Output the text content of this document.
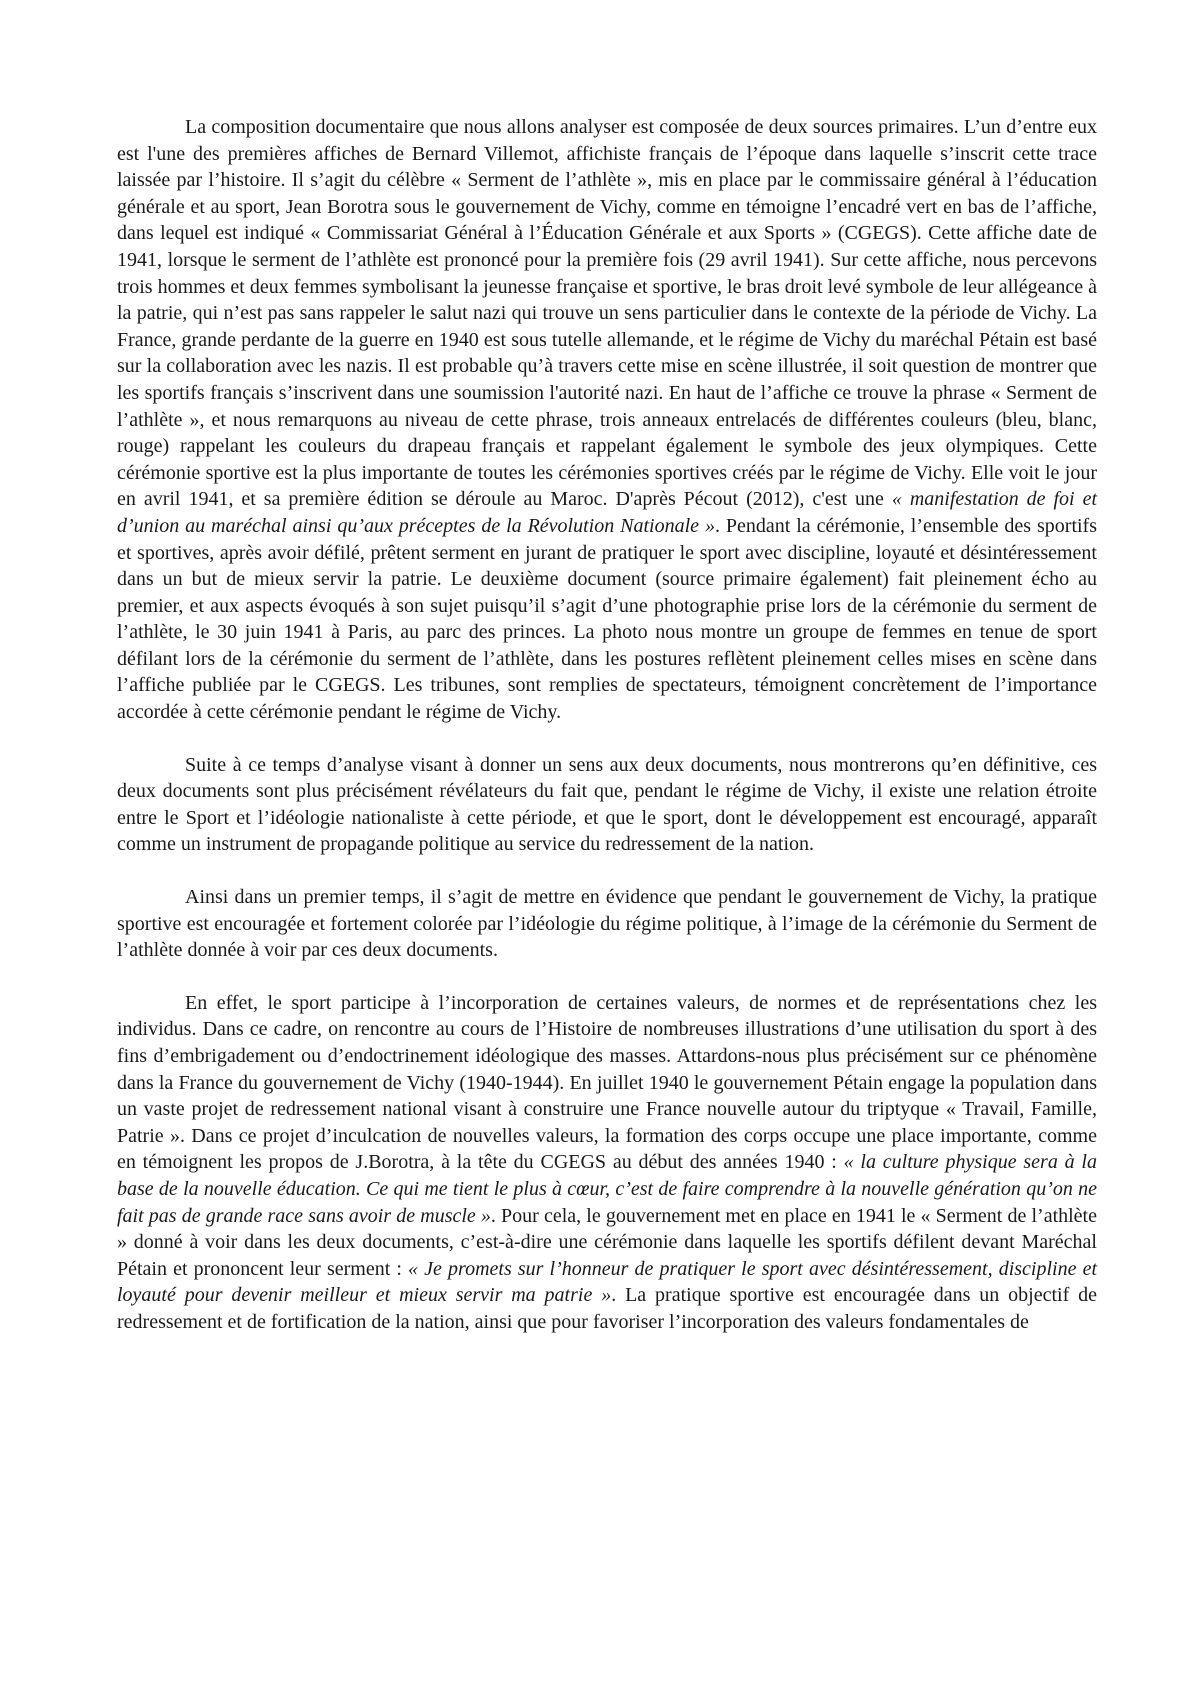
La composition documentaire que nous allons analyser est composée de deux sources primaires. L’un d’entre eux est l'une des premières affiches de Bernard Villemot, affichiste français de l’époque dans laquelle s’inscrit cette trace laissée par l’histoire. Il s’agit du célèbre « Serment de l’athlète », mis en place par le commissaire général à l’éducation générale et au sport, Jean Borotra sous le gouvernement de Vichy, comme en témoigne l’encadré vert en bas de l’affiche, dans lequel est indiqué « Commissariat Général à l’Éducation Générale et aux Sports » (CGEGS). Cette affiche date de 1941, lorsque le serment de l’athlète est prononcé pour la première fois (29 avril 1941). Sur cette affiche, nous percevons trois hommes et deux femmes symbolisant la jeunesse française et sportive, le bras droit levé symbole de leur allégeance à la patrie, qui n’est pas sans rappeler le salut nazi qui trouve un sens particulier dans le contexte de la période de Vichy. La France, grande perdante de la guerre en 1940 est sous tutelle allemande, et le régime de Vichy du maréchal Pétain est basé sur la collaboration avec les nazis. Il est probable qu’à travers cette mise en scène illustrée, il soit question de montrer que les sportifs français s’inscrivent dans une soumission l'autorité nazi. En haut de l’affiche ce trouve la phrase « Serment de l’athlète », et nous remarquons au niveau de cette phrase, trois anneaux entrelacés de différentes couleurs (bleu, blanc, rouge) rappelant les couleurs du drapeau français et rappelant également le symbole des jeux olympiques. Cette cérémonie sportive est la plus importante de toutes les cérémonies sportives créés par le régime de Vichy. Elle voit le jour en avril 1941, et sa première édition se déroule au Maroc. D'après Pécout (2012), c'est une « manifestation de foi et d’union au maréchal ainsi qu’aux préceptes de la Révolution Nationale ». Pendant la cérémonie, l’ensemble des sportifs et sportives, après avoir défilé, prêtent serment en jurant de pratiquer le sport avec discipline, loyauté et désintéressement dans un but de mieux servir la patrie. Le deuxième document (source primaire également) fait pleinement écho au premier, et aux aspects évoqués à son sujet puisqu’il s’agit d’une photographie prise lors de la cérémonie du serment de l’athlète, le 30 juin 1941 à Paris, au parc des princes. La photo nous montre un groupe de femmes en tenue de sport défilant lors de la cérémonie du serment de l’athlète, dans les postures reflètent pleinement celles mises en scène dans l’affiche publiée par le CGEGS. Les tribunes, sont remplies de spectateurs, témoignent concrètement de l’importance accordée à cette cérémonie pendant le régime de Vichy.

Suite à ce temps d’analyse visant à donner un sens aux deux documents, nous montrerons qu’en définitive, ces deux documents sont plus précisément révélateurs du fait que, pendant le régime de Vichy, il existe une relation étroite entre le Sport et l’idéologie nationaliste à cette période, et que le sport, dont le développement est encouragé, apparaît comme un instrument de propagande politique au service du redressement de la nation.

Ainsi dans un premier temps, il s’agit de mettre en évidence que pendant le gouvernement de Vichy, la pratique sportive est encouragée et fortement colorée par l’idéologie du régime politique, à l’image de la cérémonie du Serment de l’athlète donnée à voir par ces deux documents.

En effet, le sport participe à l’incorporation de certaines valeurs, de normes et de représentations chez les individus. Dans ce cadre, on rencontre au cours de l’Histoire de nombreuses illustrations d’une utilisation du sport à des fins d’embrigadement ou d’endoctrinement idéologique des masses. Attardons-nous plus précisément sur ce phénomène dans la France du gouvernement de Vichy (1940-1944). En juillet 1940 le gouvernement Pétain engage la population dans un vaste projet de redressement national visant à construire une France nouvelle autour du triptyque « Travail, Famille, Patrie ». Dans ce projet d’inculcation de nouvelles valeurs, la formation des corps occupe une place importante, comme en témoignent les propos de J.Borotra, à la tête du CGEGS au début des années 1940 : « la culture physique sera à la base de la nouvelle éducation. Ce qui me tient le plus à cœur, c’est de faire comprendre à la nouvelle génération qu’on ne fait pas de grande race sans avoir de muscle ». Pour cela, le gouvernement met en place en 1941 le « Serment de l’athlète » donné à voir dans les deux documents, c’est-à-dire une cérémonie dans laquelle les sportifs défilent devant Maréchal Pétain et prononcent leur serment : « Je promets sur l’honneur de pratiquer le sport avec désintéressement, discipline et loyauté pour devenir meilleur et mieux servir ma patrie ». La pratique sportive est encouragée dans un objectif de redressement et de fortification de la nation, ainsi que pour favoriser l’incorporation des valeurs fondamentales de
